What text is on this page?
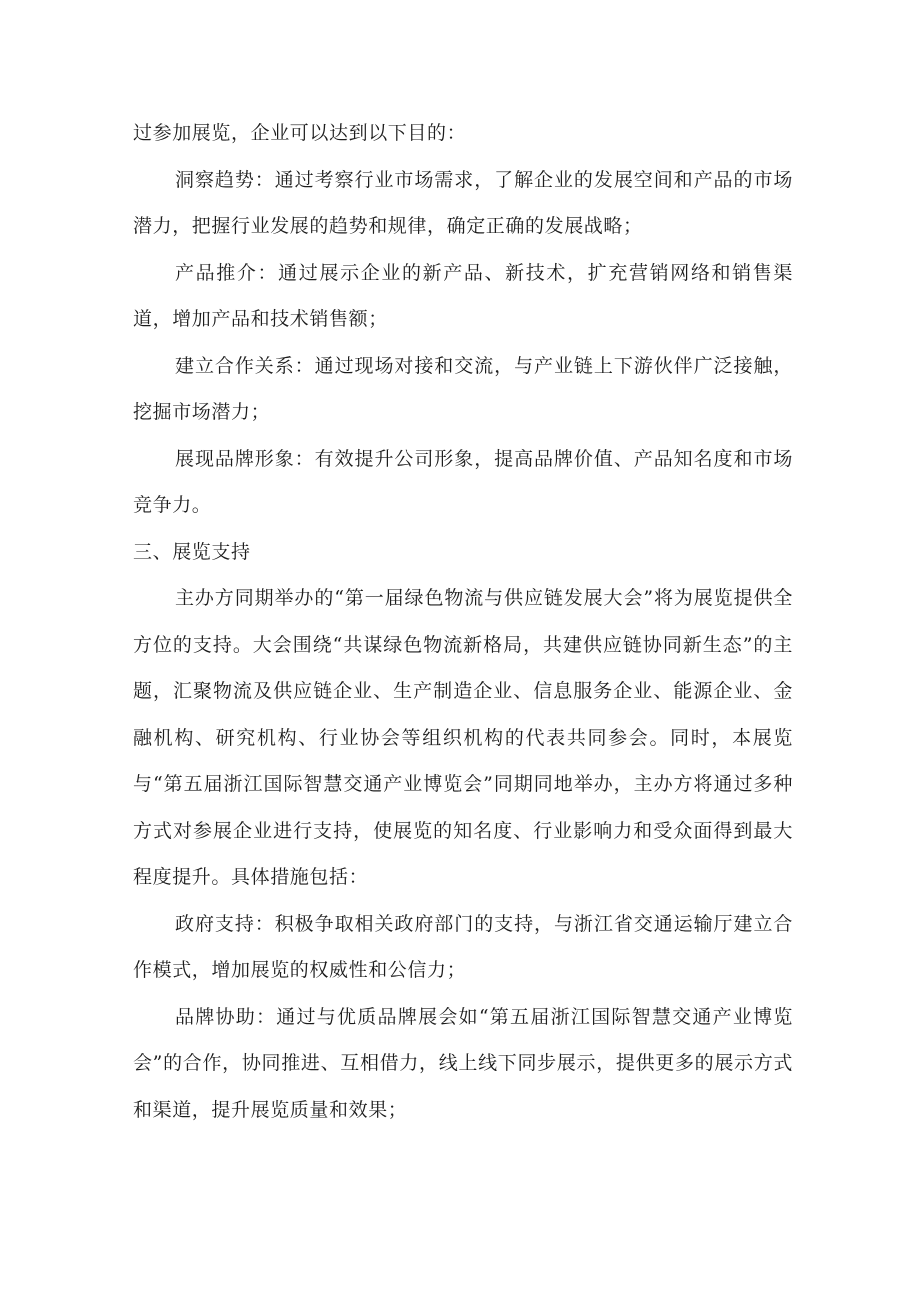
过参加展览，企业可以达到以下目的：

洞察趋势：通过考察行业市场需求，了解企业的发展空间和产品的市场潜力，把握行业发展的趋势和规律，确定正确的发展战略；

产品推介：通过展示企业的新产品、新技术，扩充营销网络和销售渠道，增加产品和技术销售额；

建立合作关系：通过现场对接和交流，与产业链上下游伙伴广泛接触，挖掘市场潜力；

展现品牌形象：有效提升公司形象，提高品牌价值、产品知名度和市场竞争力。

三、展览支持

主办方同期举办的“第一届绿色物流与供应链发展大会”将为展览提供全方位的支持。大会围绕“共谋绿色物流新格局，共建供应链协同新生态”的主题，汇聚物流及供应链企业、生产制造企业、信息服务企业、能源企业、金融机构、研究机构、行业协会等组织机构的代表共同参会。同时，本展览与“第五届浙江国际智慧交通产业博览会”同期同地举办，主办方将通过多种方式对参展企业进行支持，使展览的知名度、行业影响力和受众面得到最大程度提升。具体措施包括：

政府支持：积极争取相关政府部门的支持，与浙江省交通运输厅建立合作模式，增加展览的权威性和公信力；

品牌协助：通过与优质品牌展会如“第五届浙江国际智慧交通产业博览会”的合作，协同推进、互相借力，线上线下同步展示，提供更多的展示方式和渠道，提升展览质量和效果；
